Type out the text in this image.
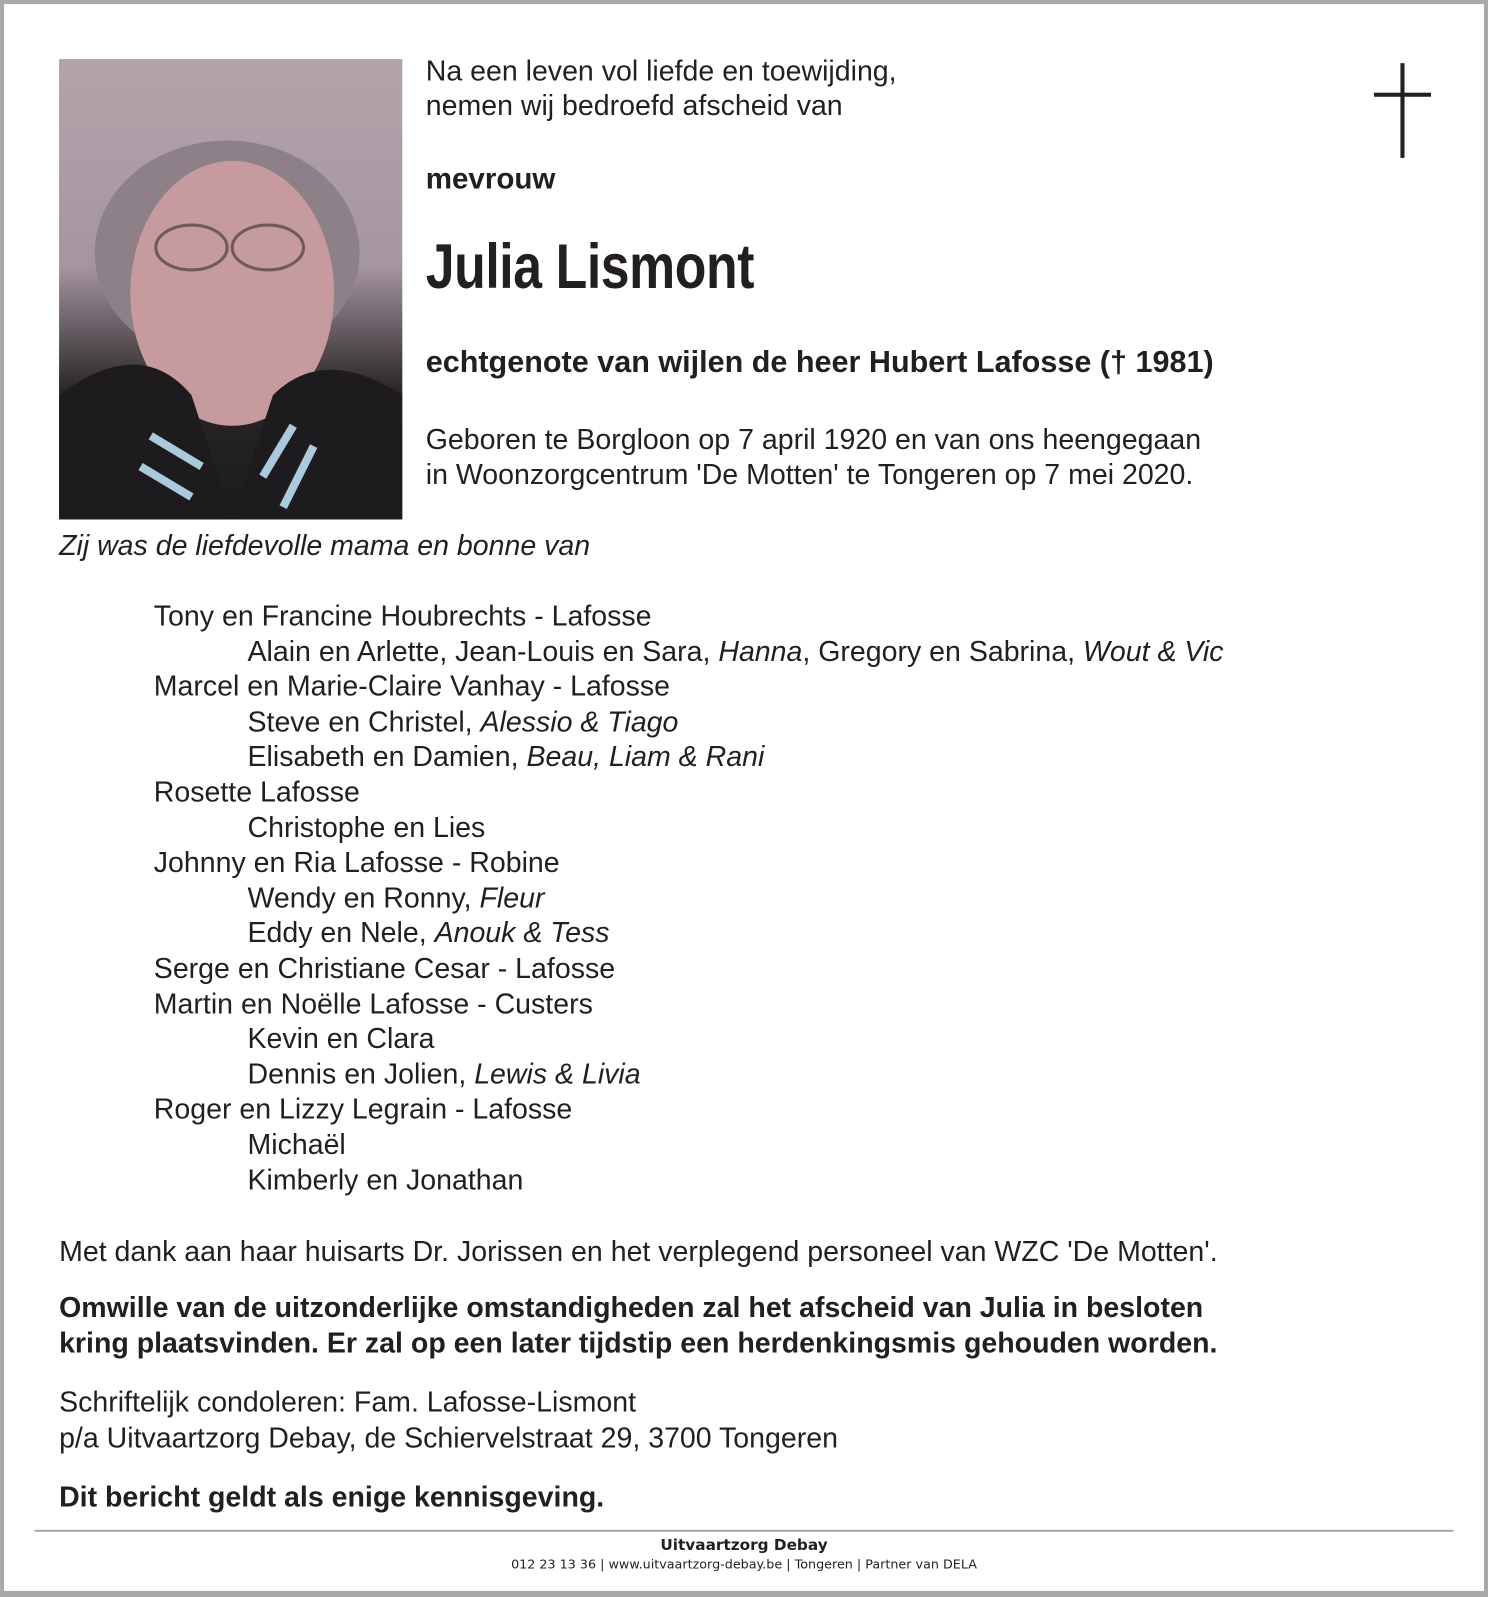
Na een leven vol liefde en toewijding,
nemen wij bedroefd afscheid van
mevrouw
Julia Lismont
echtgenote van wijlen de heer Hubert Lafosse († 1981)
Geboren te Borgloon op 7 april 1920 en van ons heengegaan
in Woonzorgcentrum 'De Motten' te Tongeren op 7 mei 2020.
Zij was de liefdevolle mama en bonne van
Tony en Francine Houbrechts - Lafosse
Alain en Arlette, Jean-Louis en Sara, Hanna, Gregory en Sabrina, Wout & Vic
Marcel en Marie-Claire Vanhay - Lafosse
Steve en Christel, Alessio & Tiago
Elisabeth en Damien, Beau, Liam & Rani
Rosette Lafosse
Christophe en Lies
Johnny en Ria Lafosse - Robine
Wendy en Ronny, Fleur
Eddy en Nele, Anouk & Tess
Serge en Christiane Cesar - Lafosse
Martin en Noëlle Lafosse - Custers
Kevin en Clara
Dennis en Jolien, Lewis & Livia
Roger en Lizzy Legrain - Lafosse
Michaël
Kimberly en Jonathan
Met dank aan haar huisarts Dr. Jorissen en het verplegend personeel van WZC 'De Motten'.
Omwille van de uitzonderlijke omstandigheden zal het afscheid van Julia in besloten
kring plaatsvinden. Er zal op een later tijdstip een herdenkingsmis gehouden worden.
Schriftelijk condoleren: Fam. Lafosse-Lismont
p/a Uitvaartzorg Debay, de Schiervelstraat 29, 3700 Tongeren
Dit bericht geldt als enige kennisgeving.
Uitvaartzorg Debay
012 23 13 36 | www.uitvaartzorg-debay.be | Tongeren | Partner van DELA
